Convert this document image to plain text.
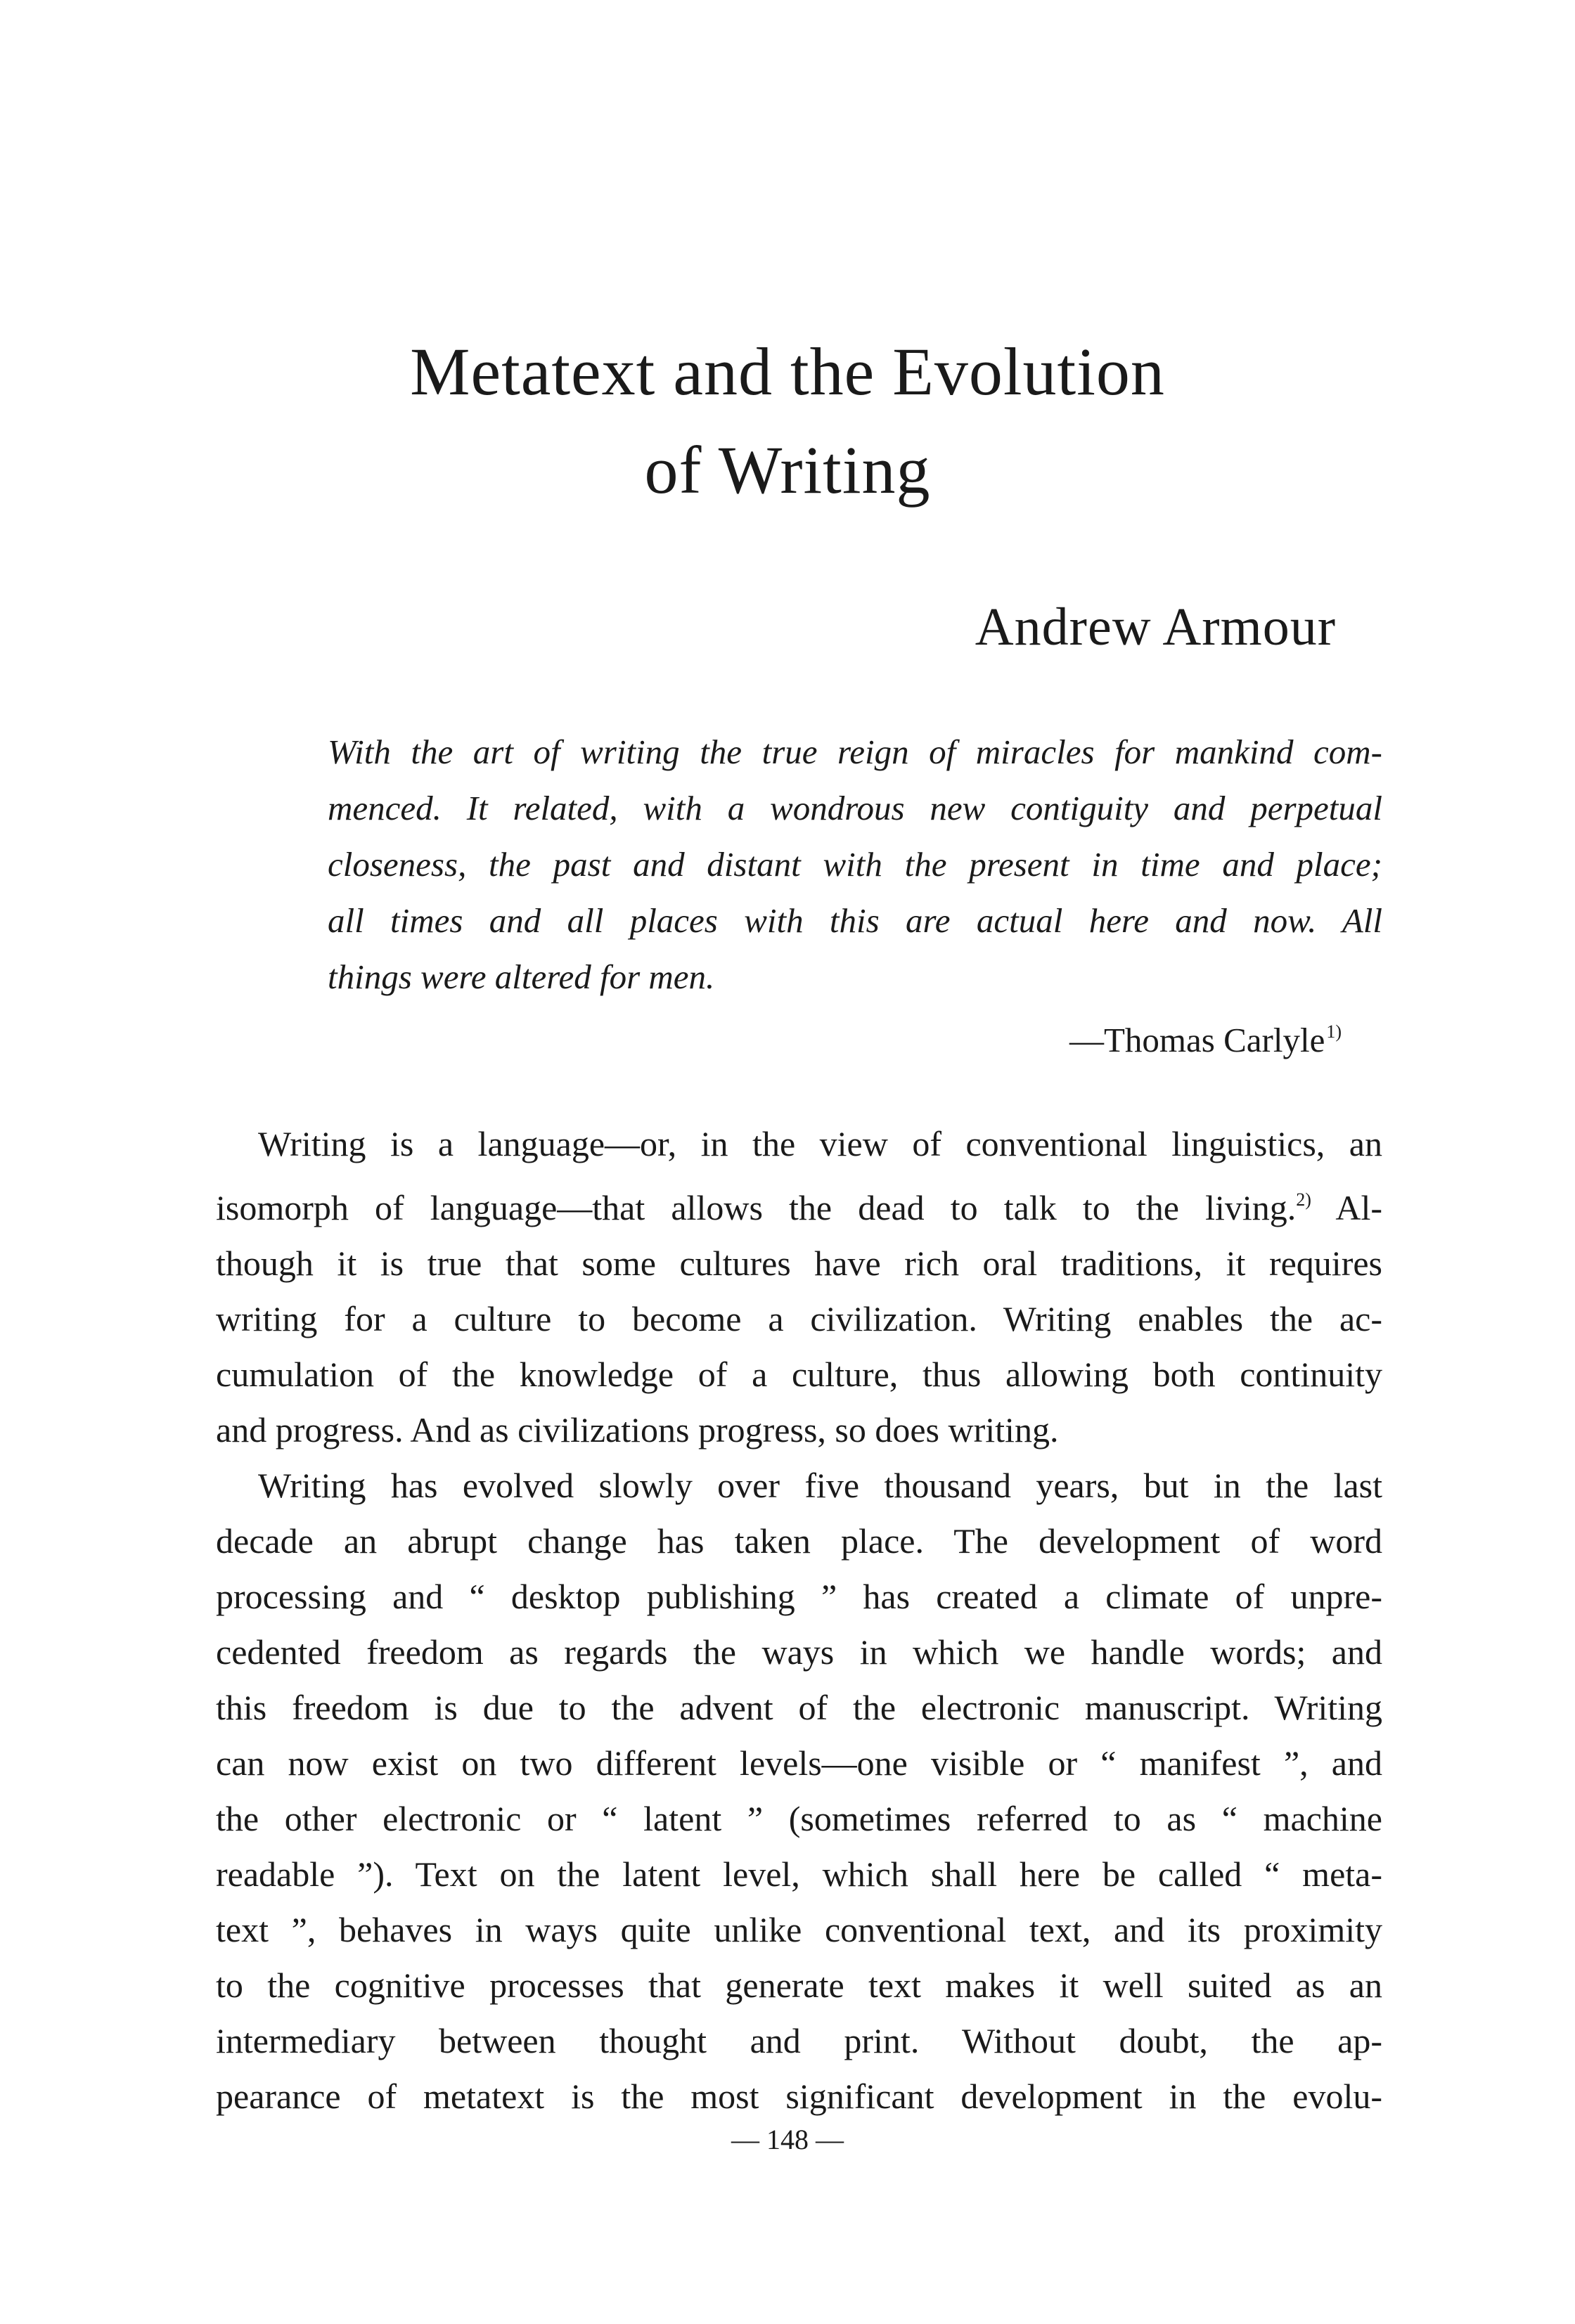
Metatext and the Evolution
of Writing
Andrew Armour
With the art of writing the true reign of miracles for mankind com-
menced. It related, with a wondrous new contiguity and perpetual
closeness, the past and distant with the present in time and place;
all times and all places with this are actual here and now. All
things were altered for men.
—Thomas Carlyle$^{1)}$
Writing is a language—or, in the view of conventional linguistics, an
isomorph of language—that allows the dead to talk to the living.$^{2)}$ Al-
though it is true that some cultures have rich oral traditions, it requires
writing for a culture to become a civilization. Writing enables the ac-
cumulation of the knowledge of a culture, thus allowing both continuity
and progress. And as civilizations progress, so does writing.
Writing has evolved slowly over five thousand years, but in the last
decade an abrupt change has taken place. The development of word
processing and “ desktop publishing ” has created a climate of unpre-
cedented freedom as regards the ways in which we handle words; and
this freedom is due to the advent of the electronic manuscript. Writing
can now exist on two different levels—one visible or “ manifest ”, and
the other electronic or “ latent ” (sometimes referred to as “ machine
readable ”). Text on the latent level, which shall here be called “ meta-
text ”, behaves in ways quite unlike conventional text, and its proximity
to the cognitive processes that generate text makes it well suited as an
intermediary between thought and print. Without doubt, the ap-
pearance of metatext is the most significant development in the evolu-
— 148 —
